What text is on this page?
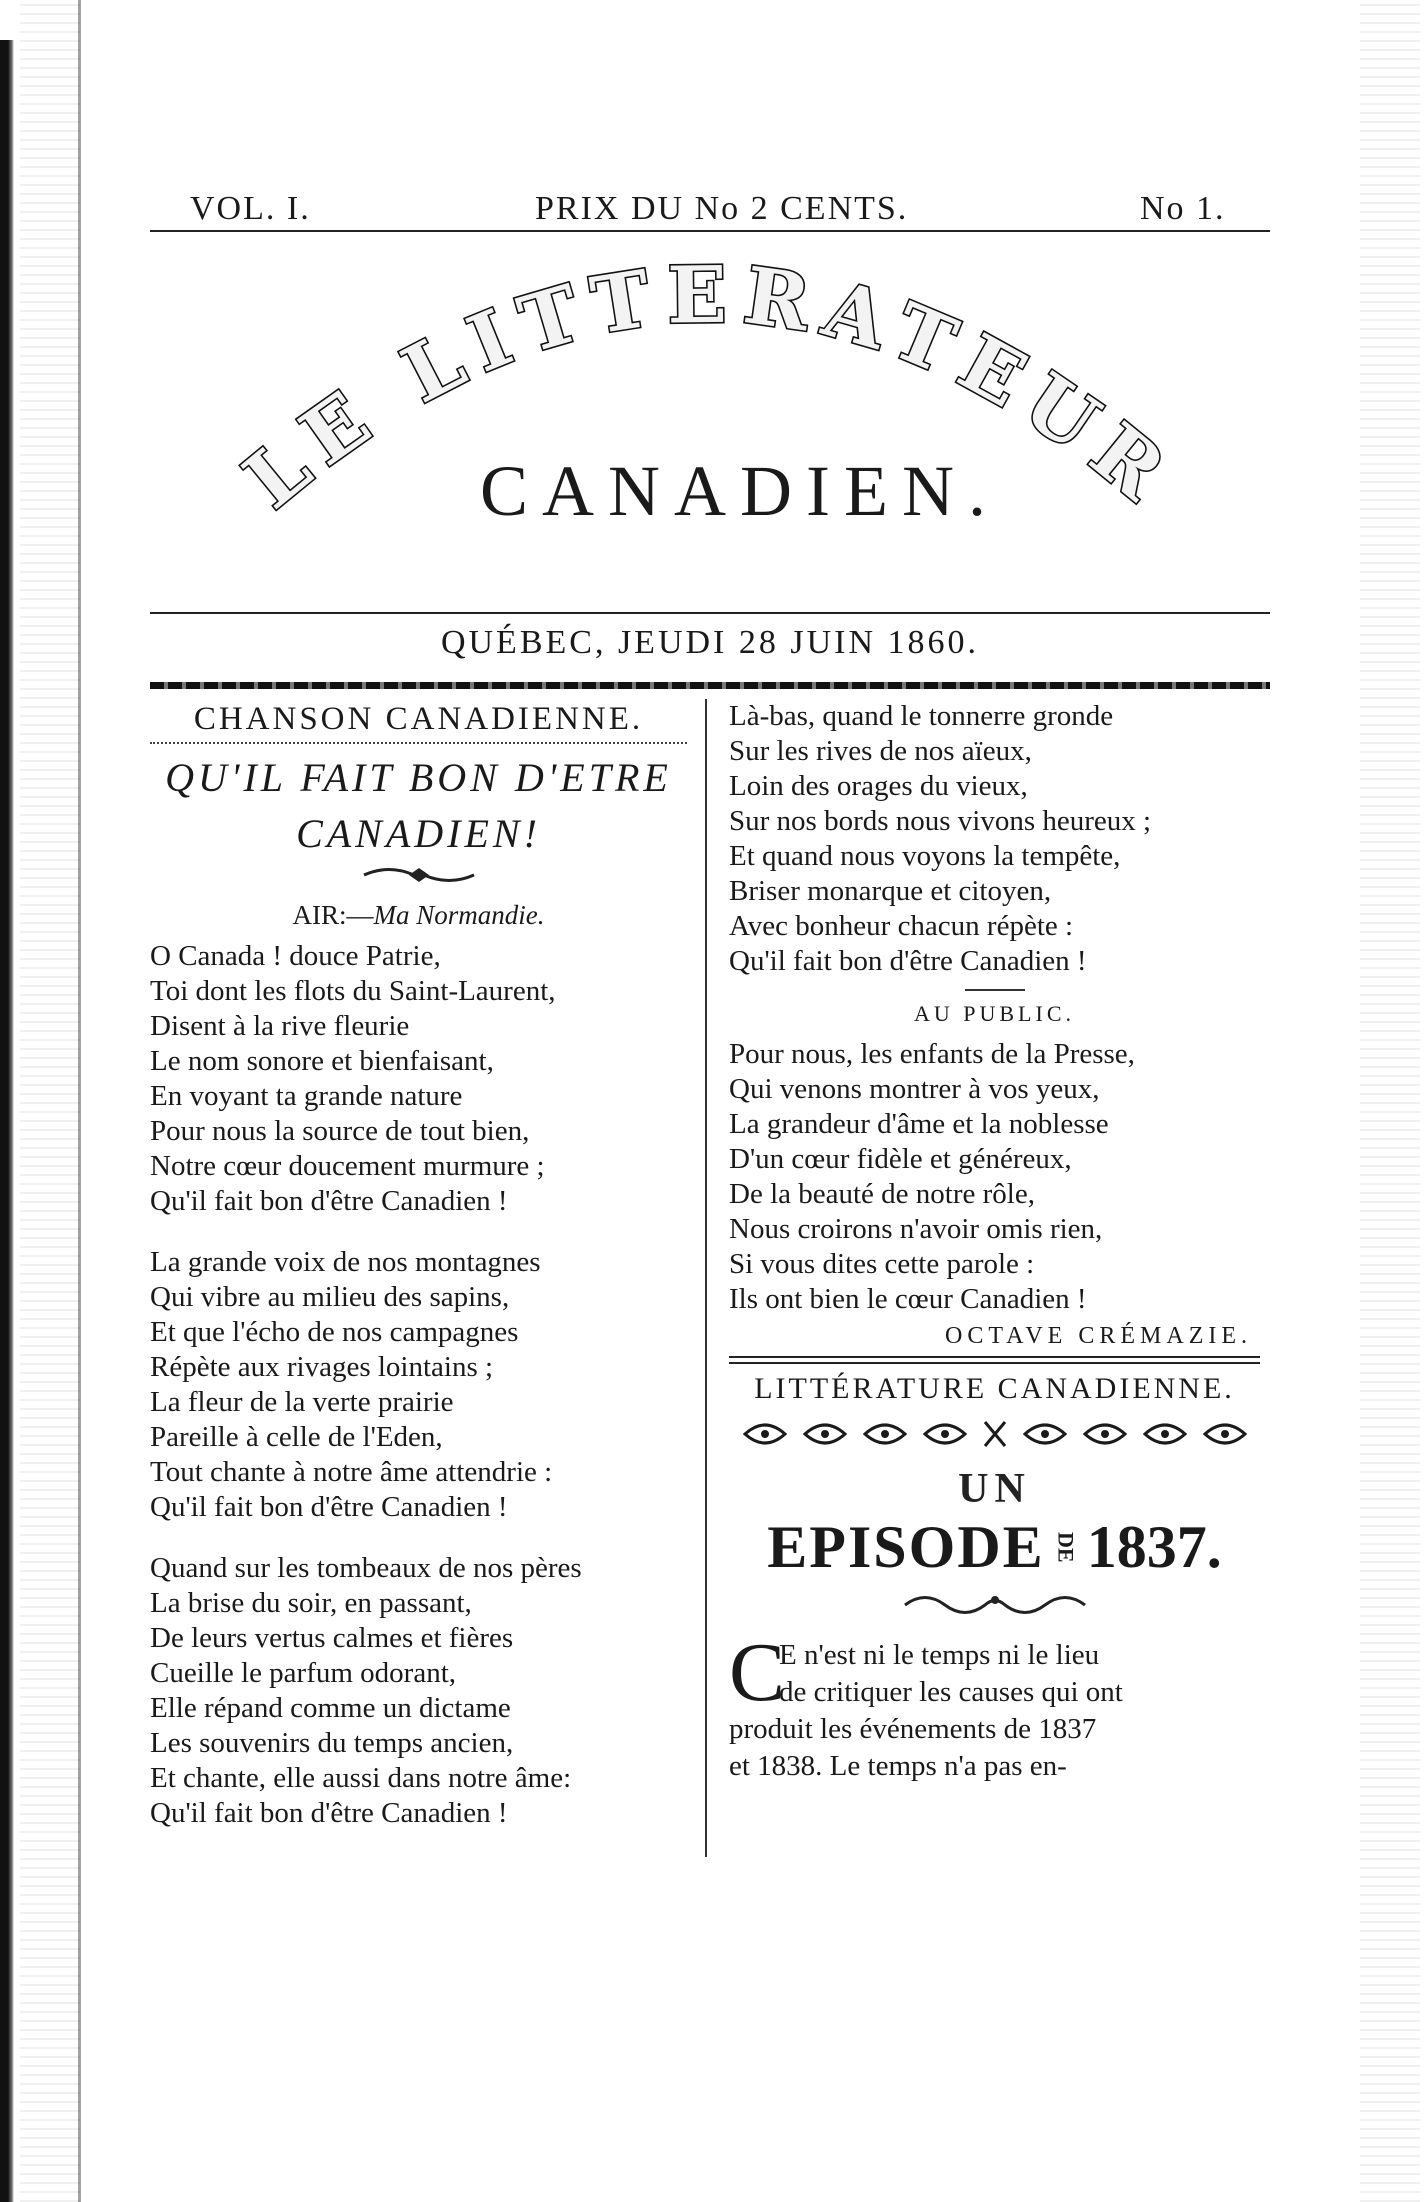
VOL. I.	PRIX DU No 2 CENTS.	No 1.
LE LITTERATEUR
CANADIEN.
QUÉBEC, JEUDI 28 JUIN 1860.
CHANSON CANADIENNE.
QU'IL FAIT BON D'ETRE
CANADIEN!
AIR:—Ma Normandie.
O Canada ! douce Patrie,
Toi dont les flots du Saint-Laurent,
Disent à la rive fleurie
Le nom sonore et bienfaisant,
En voyant ta grande nature
Pour nous la source de tout bien,
Notre cœur doucement murmure ;
Qu'il fait bon d'être Canadien !
La grande voix de nos montagnes
Qui vibre au milieu des sapins,
Et que l'écho de nos campagnes
Répète aux rivages lointains ;
La fleur de la verte prairie
Pareille à celle de l'Eden,
Tout chante à notre âme attendrie :
Qu'il fait bon d'être Canadien !
Quand sur les tombeaux de nos pères
La brise du soir, en passant,
De leurs vertus calmes et fières
Cueille le parfum odorant,
Elle répand comme un dictame
Les souvenirs du temps ancien,
Et chante, elle aussi dans notre âme:
Qu'il fait bon d'être Canadien !
Là-bas, quand le tonnerre gronde
Sur les rives de nos aïeux,
Loin des orages du vieux,
Sur nos bords nous vivons heureux ;
Et quand nous voyons la tempête,
Briser monarque et citoyen,
Avec bonheur chacun répète :
Qu'il fait bon d'être Canadien !
AU PUBLIC.
Pour nous, les enfants de la Presse,
Qui venons montrer à vos yeux,
La grandeur d'âme et la noblesse
D'un cœur fidèle et généreux,
De la beauté de notre rôle,
Nous croirons n'avoir omis rien,
Si vous dites cette parole :
Ils ont bien le cœur Canadien !
OCTAVE CRÉMAZIE.
LITTÉRATURE CANADIENNE.
UN
EPISODE DE 1837.
C
E n'est ni le temps ni le lieu
de critiquer les causes qui ont
produit les événements de 1837
et 1838. Le temps n'a pas en-
